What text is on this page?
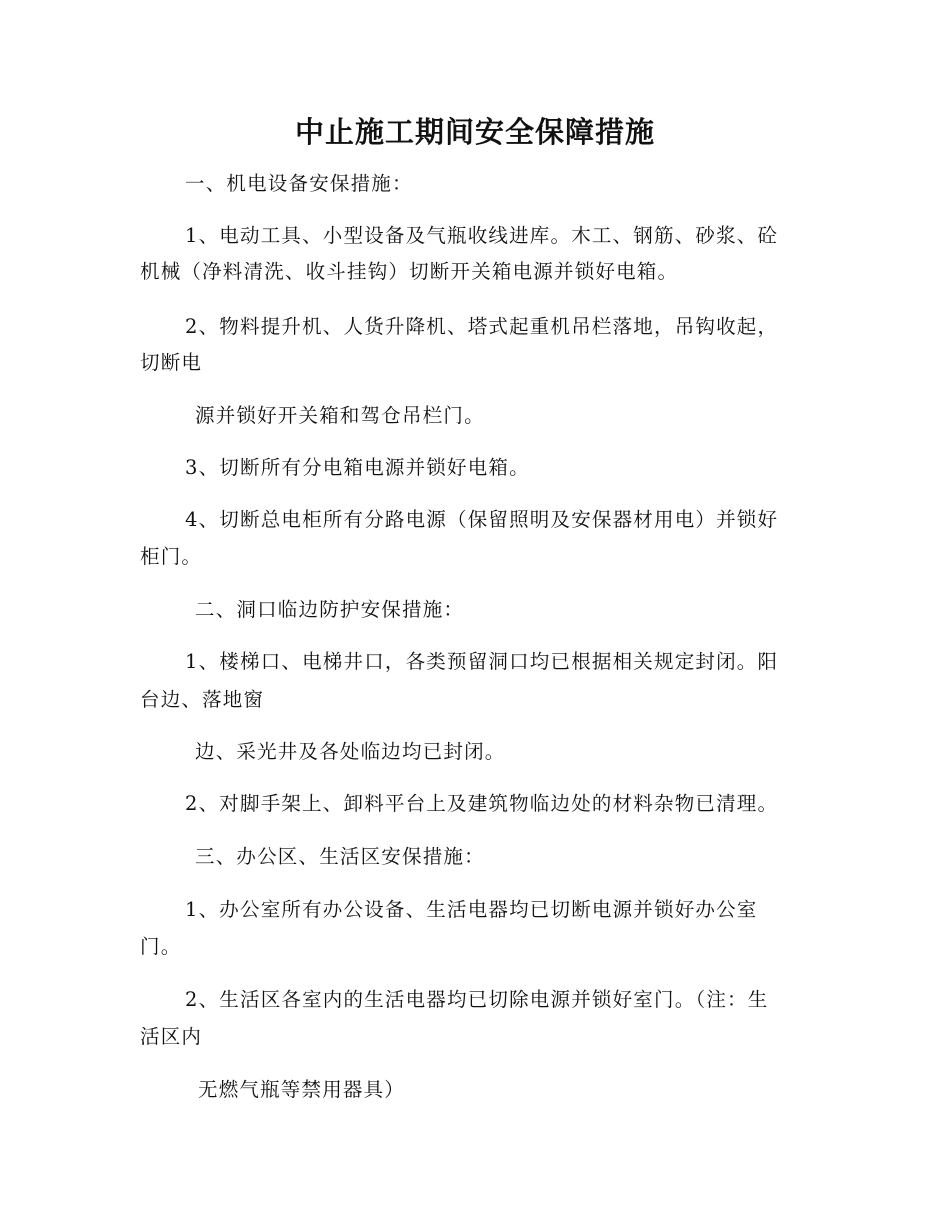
中止施工期间安全保障措施

一、机电设备安保措施：

1、电动工具、小型设备及气瓶收线进库。木工、钢筋、砂浆、砼

机械（净料清洗、收斗挂钩）切断开关箱电源并锁好电箱。

2、物料提升机、人货升降机、塔式起重机吊栏落地，吊钩收起，

切断电

源并锁好开关箱和驾仓吊栏门。

3、切断所有分电箱电源并锁好电箱。

4、切断总电柜所有分路电源（保留照明及安保器材用电）并锁好

柜门。

二、洞口临边防护安保措施：

1、楼梯口、电梯井口，各类预留洞口均已根据相关规定封闭。阳

台边、落地窗

边、采光井及各处临边均已封闭。

2、对脚手架上、卸料平台上及建筑物临边处的材料杂物已清理。

三、办公区、生活区安保措施：

1、办公室所有办公设备、生活电器均已切断电源并锁好办公室

门。

2、生活区各室内的生活电器均已切除电源并锁好室门。（注：生

活区内

无燃气瓶等禁用器具）
